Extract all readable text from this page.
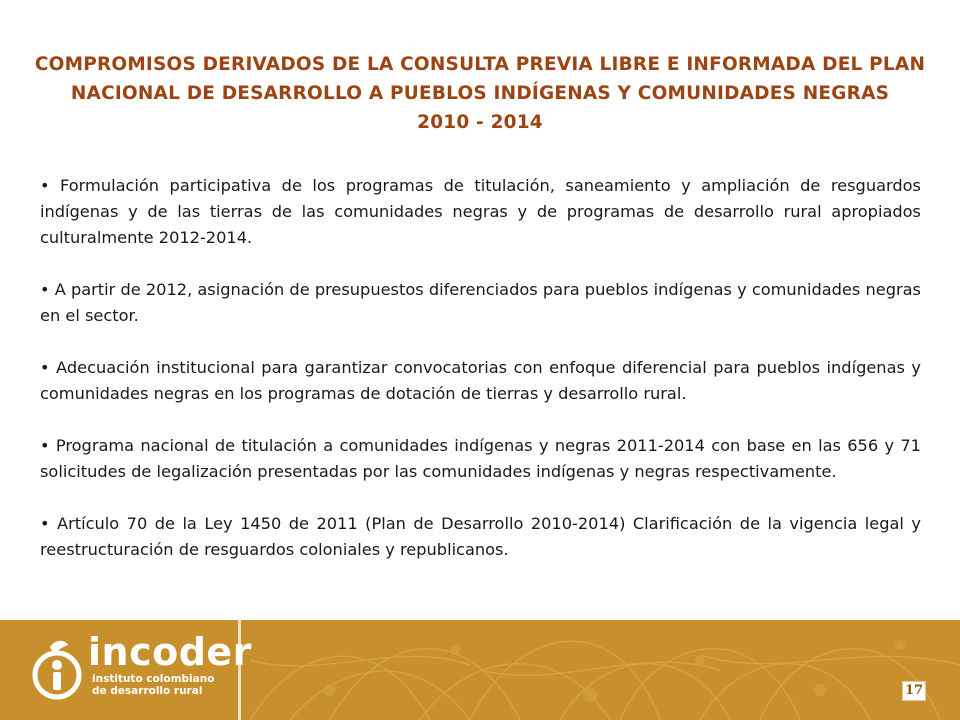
COMPROMISOS DERIVADOS DE LA CONSULTA PREVIA LIBRE E INFORMADA DEL PLAN
NACIONAL DE DESARROLLO A PUEBLOS INDÍGENAS Y COMUNIDADES NEGRAS
2010 - 2014
• Formulación participativa de los programas de titulación, saneamiento y ampliación de resguardos indígenas y de las tierras de las comunidades negras y de programas de desarrollo rural apropiados culturalmente 2012-2014.
• A partir de 2012, asignación de presupuestos diferenciados para pueblos indígenas y comunidades negras en el sector.
• Adecuación institucional para garantizar convocatorias con enfoque diferencial para pueblos indígenas y comunidades negras en los programas de dotación de tierras y desarrollo rural.
• Programa nacional de titulación a comunidades indígenas y negras 2011-2014 con base en las 656 y 71 solicitudes de legalización presentadas por las comunidades indígenas y negras respectivamente.
• Artículo 70 de la Ley 1450 de 2011 (Plan de Desarrollo 2010-2014) Clarificación de la vigencia legal y reestructuración de resguardos coloniales y republicanos.
incoder
instituto colombiano
de desarrollo rural	17
